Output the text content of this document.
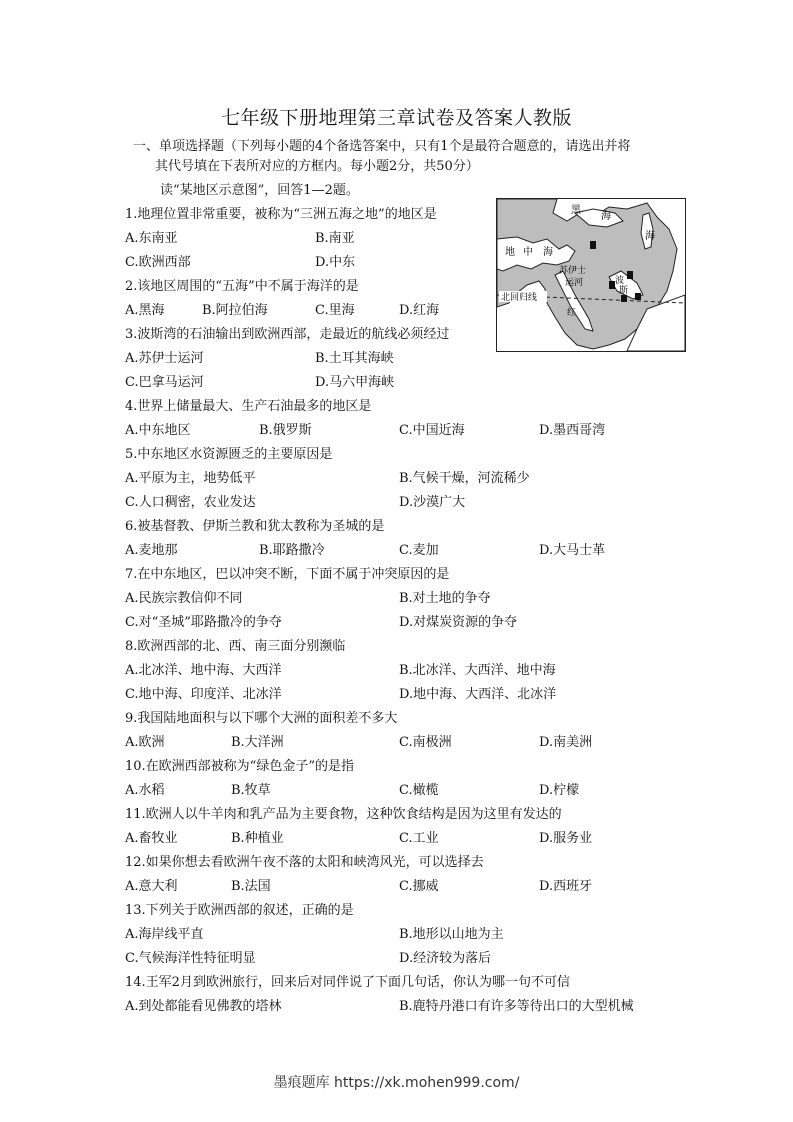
七年级下册地理第三章试卷及答案人教版
一、单项选择题（下列每小题的4个备选答案中，只有1个是最符合题意的，请选出并将
其代号填在下表所对应的方框内。每小题2分，共50分）
读“某地区示意图”，回答1—2题。
黑
海
地 中 海
苏伊士
运河
海
波
斯
红
北回归线
1.地理位置非常重要，被称为“三洲五海之地”的地区是
A.东南亚	B.南亚
C.欧洲西部	D.中东
2.该地区周围的“五海”中不属于海洋的是
A.黑海	B.阿拉伯海	C.里海	D.红海
3.波斯湾的石油输出到欧洲西部，走最近的航线必须经过
A.苏伊士运河	B.土耳其海峡
C.巴拿马运河	D.马六甲海峡
4.世界上储量最大、生产石油最多的地区是
A.中东地区	B.俄罗斯	C.中国近海	D.墨西哥湾
5.中东地区水资源匮乏的主要原因是
A.平原为主，地势低平	B.气候干燥，河流稀少
C.人口稠密，农业发达	D.沙漠广大
6.被基督教、伊斯兰教和犹太教称为圣城的是
A.麦地那	B.耶路撒冷	C.麦加	D.大马士革
7.在中东地区，巴以冲突不断，下面不属于冲突原因的是
A.民族宗教信仰不同	B.对土地的争夺
C.对“圣城”耶路撒冷的争夺	D.对煤炭资源的争夺
8.欧洲西部的北、西、南三面分别濒临
A.北冰洋、地中海、大西洋	B.北冰洋、大西洋、地中海
C.地中海、印度洋、北冰洋	D.地中海、大西洋、北冰洋
9.我国陆地面积与以下哪个大洲的面积差不多大
A.欧洲	B.大洋洲	C.南极洲	D.南美洲
10.在欧洲西部被称为“绿色金子”的是指
A.水稻	B.牧草	C.橄榄	D.柠檬
11.欧洲人以牛羊肉和乳产品为主要食物，这种饮食结构是因为这里有发达的
A.畜牧业	B.种植业	C.工业	D.服务业
12.如果你想去看欧洲午夜不落的太阳和峡湾风光，可以选择去
A.意大利	B.法国	C.挪威	D.西班牙
13.下列关于欧洲西部的叙述，正确的是
A.海岸线平直	B.地形以山地为主
C.气候海洋性特征明显	D.经济较为落后
14.王军2月到欧洲旅行，回来后对同伴说了下面几句话，你认为哪一句不可信
A.到处都能看见佛教的塔林	B.鹿特丹港口有许多等待出口的大型机械
墨痕题库 https://xk.mohen999.com/
